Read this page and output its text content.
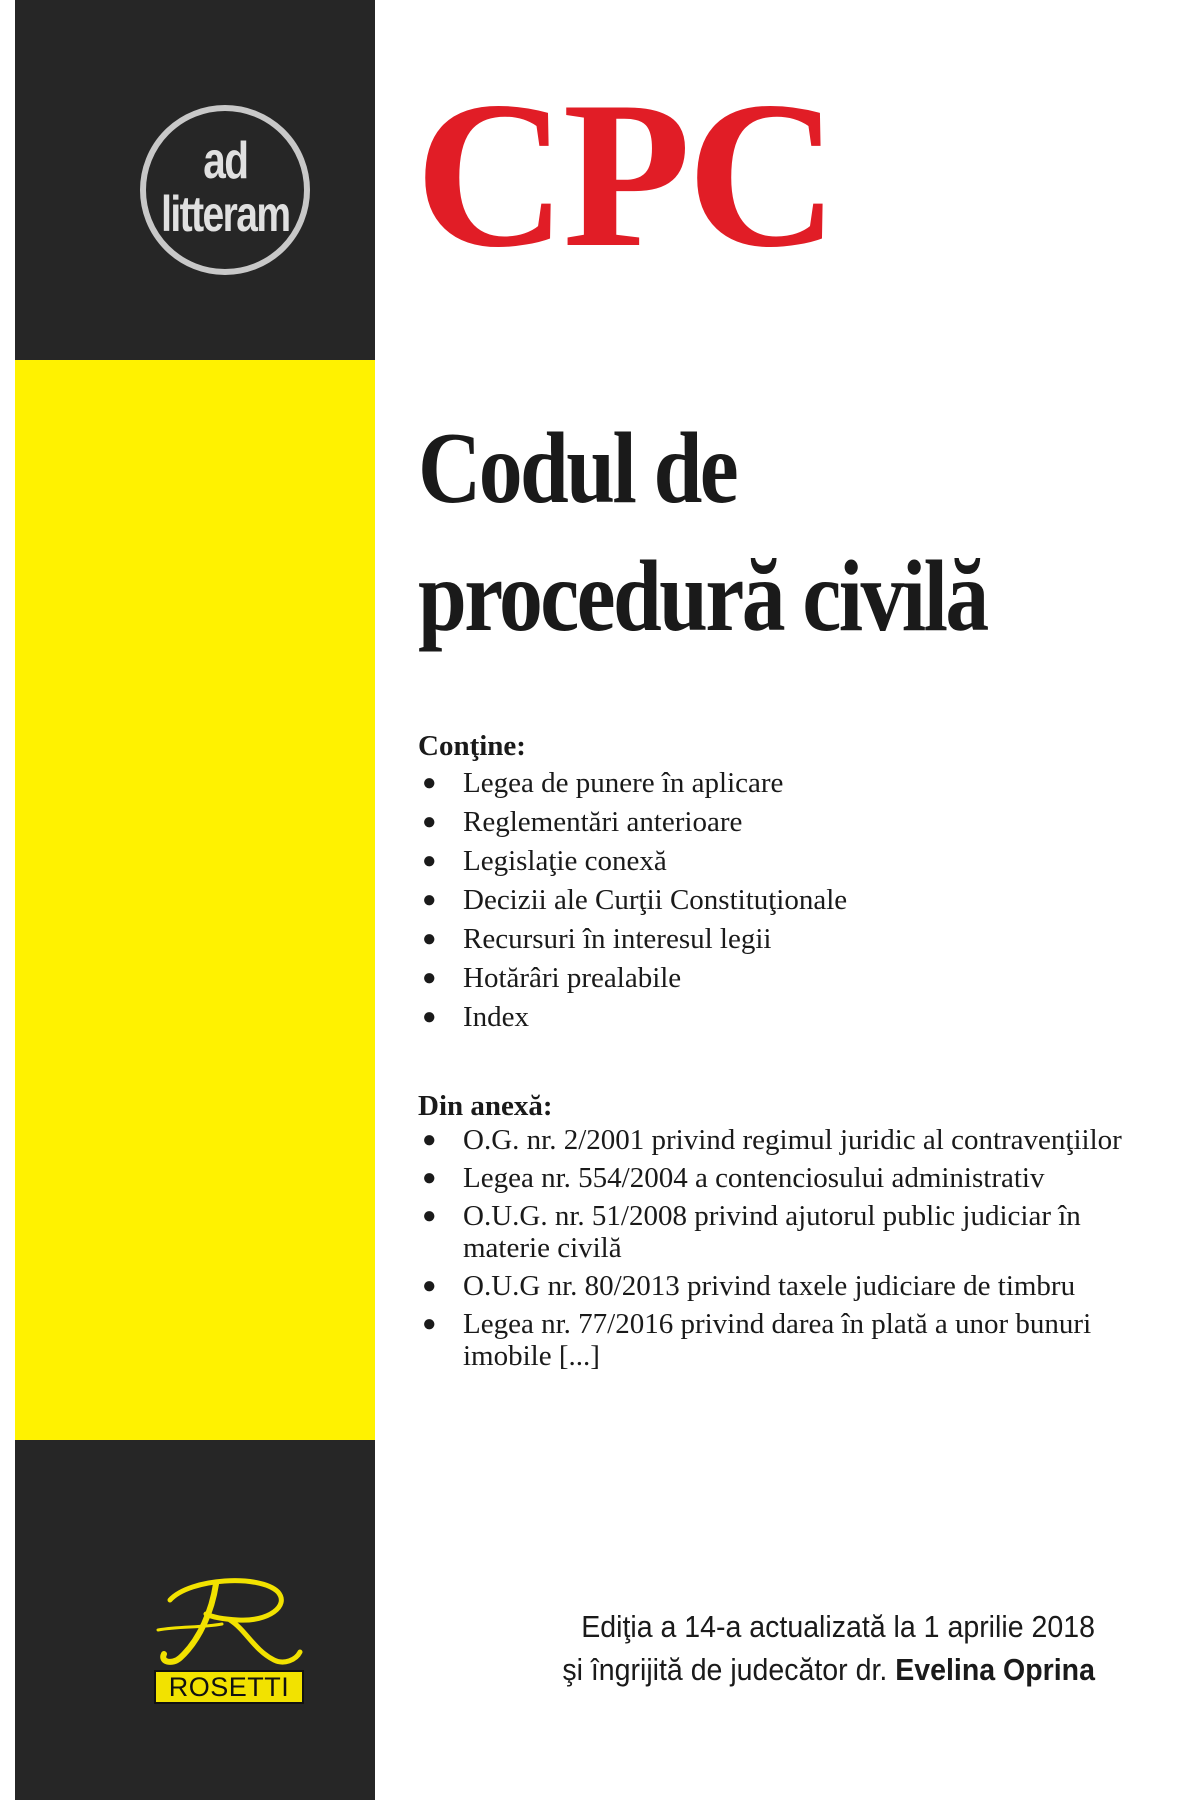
ad
litteram CPC
Codul de
procedură civilă
Conţine:
● Legea de punere în aplicare
● Reglementări anterioare
● Legislaţie conexă
● Decizii ale Curţii Constituţionale
● Recursuri în interesul legii
● Hotărâri prealabile
● Index
Din anexă:
● O.G. nr. 2/2001 privind regimul juridic al contravenţiilor
● Legea nr. 554/2004 a contenciosului administrativ
● O.U.G. nr. 51/2008 privind ajutorul public judiciar în materie civilă
● O.U.G nr. 80/2013 privind taxele judiciare de timbru
● Legea nr. 77/2016 privind darea în plată a unor bunuri imobile [...]
ROSETTI
Ediţia a 14-a actualizată la 1 aprilie 2018
şi îngrijită de judecător dr. Evelina Oprina
